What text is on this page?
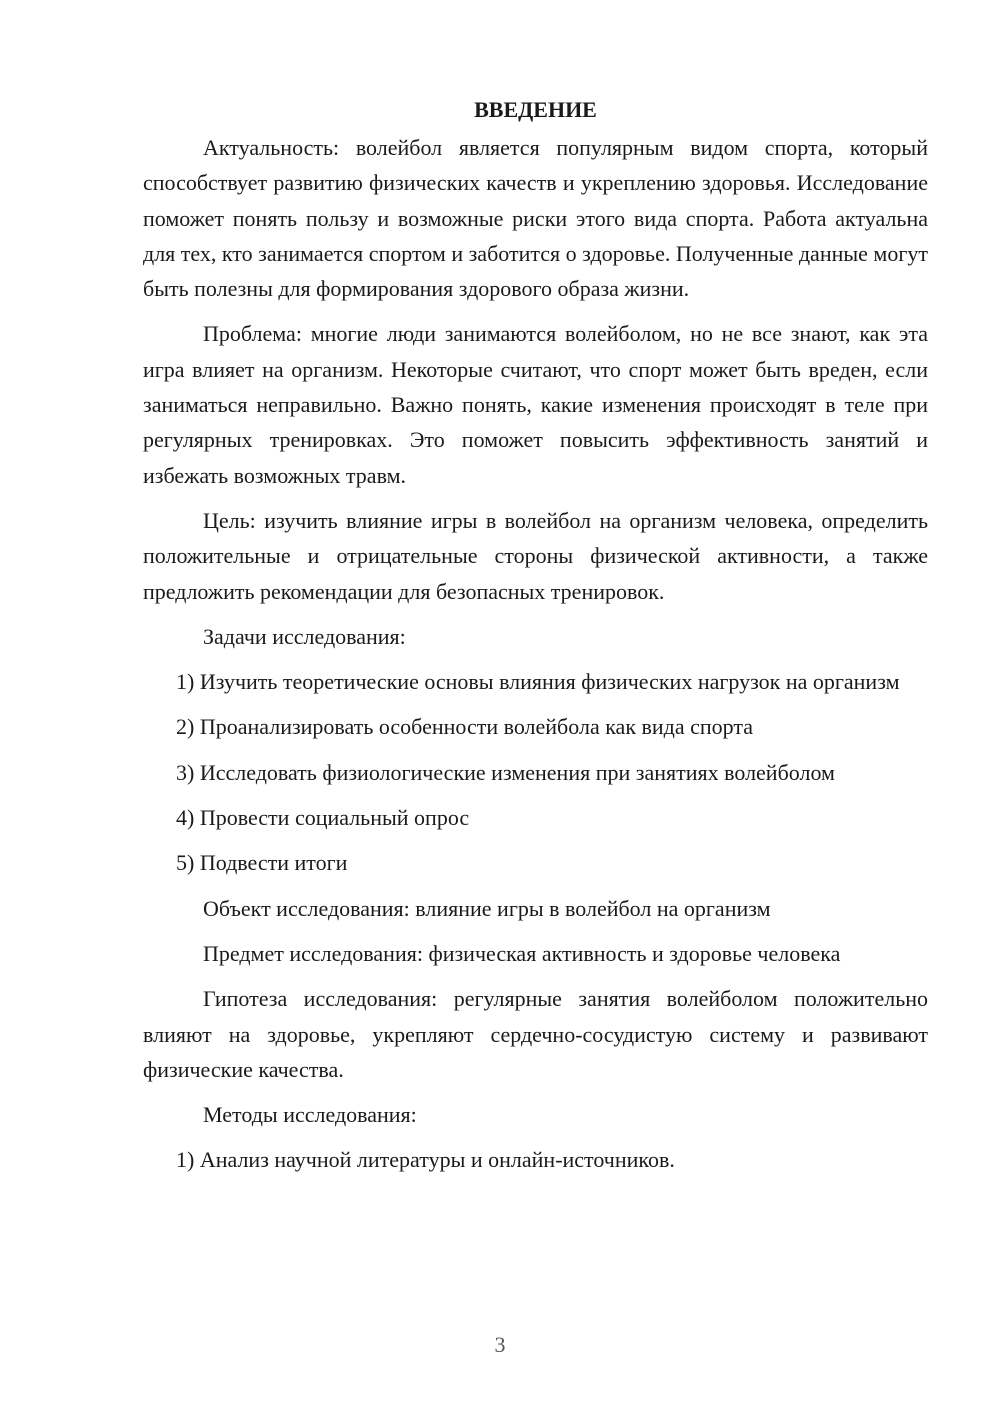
ВВЕДЕНИЕ

Актуальность: волейбол является популярным видом спорта, который способствует развитию физических качеств и укреплению здоровья. Исследование поможет понять пользу и возможные риски этого вида спорта. Работа актуальна для тех, кто занимается спортом и заботится о здоровье. Полученные данные могут быть полезны для формирования здорового образа жизни.

Проблема: многие люди занимаются волейболом, но не все знают, как эта игра влияет на организм. Некоторые считают, что спорт может быть вреден, если заниматься неправильно. Важно понять, какие изменения происходят в теле при регулярных тренировках. Это поможет повысить эффективность занятий и избежать возможных травм.

Цель: изучить влияние игры в волейбол на организм человека, определить положительные и отрицательные стороны физической активности, а также предложить рекомендации для безопасных тренировок.

Задачи исследования:

1) Изучить теоретические основы влияния физических нагрузок на организм

2) Проанализировать особенности волейбола как вида спорта

3) Исследовать физиологические изменения при занятиях волейболом

4) Провести социальный опрос

5) Подвести итоги

Объект исследования: влияние игры в волейбол на организм

Предмет исследования: физическая активность и здоровье человека

Гипотеза исследования: регулярные занятия волейболом положительно влияют на здоровье, укрепляют сердечно-сосудистую систему и развивают физические качества.

Методы исследования:

1) Анализ научной литературы и онлайн-источников.

3
